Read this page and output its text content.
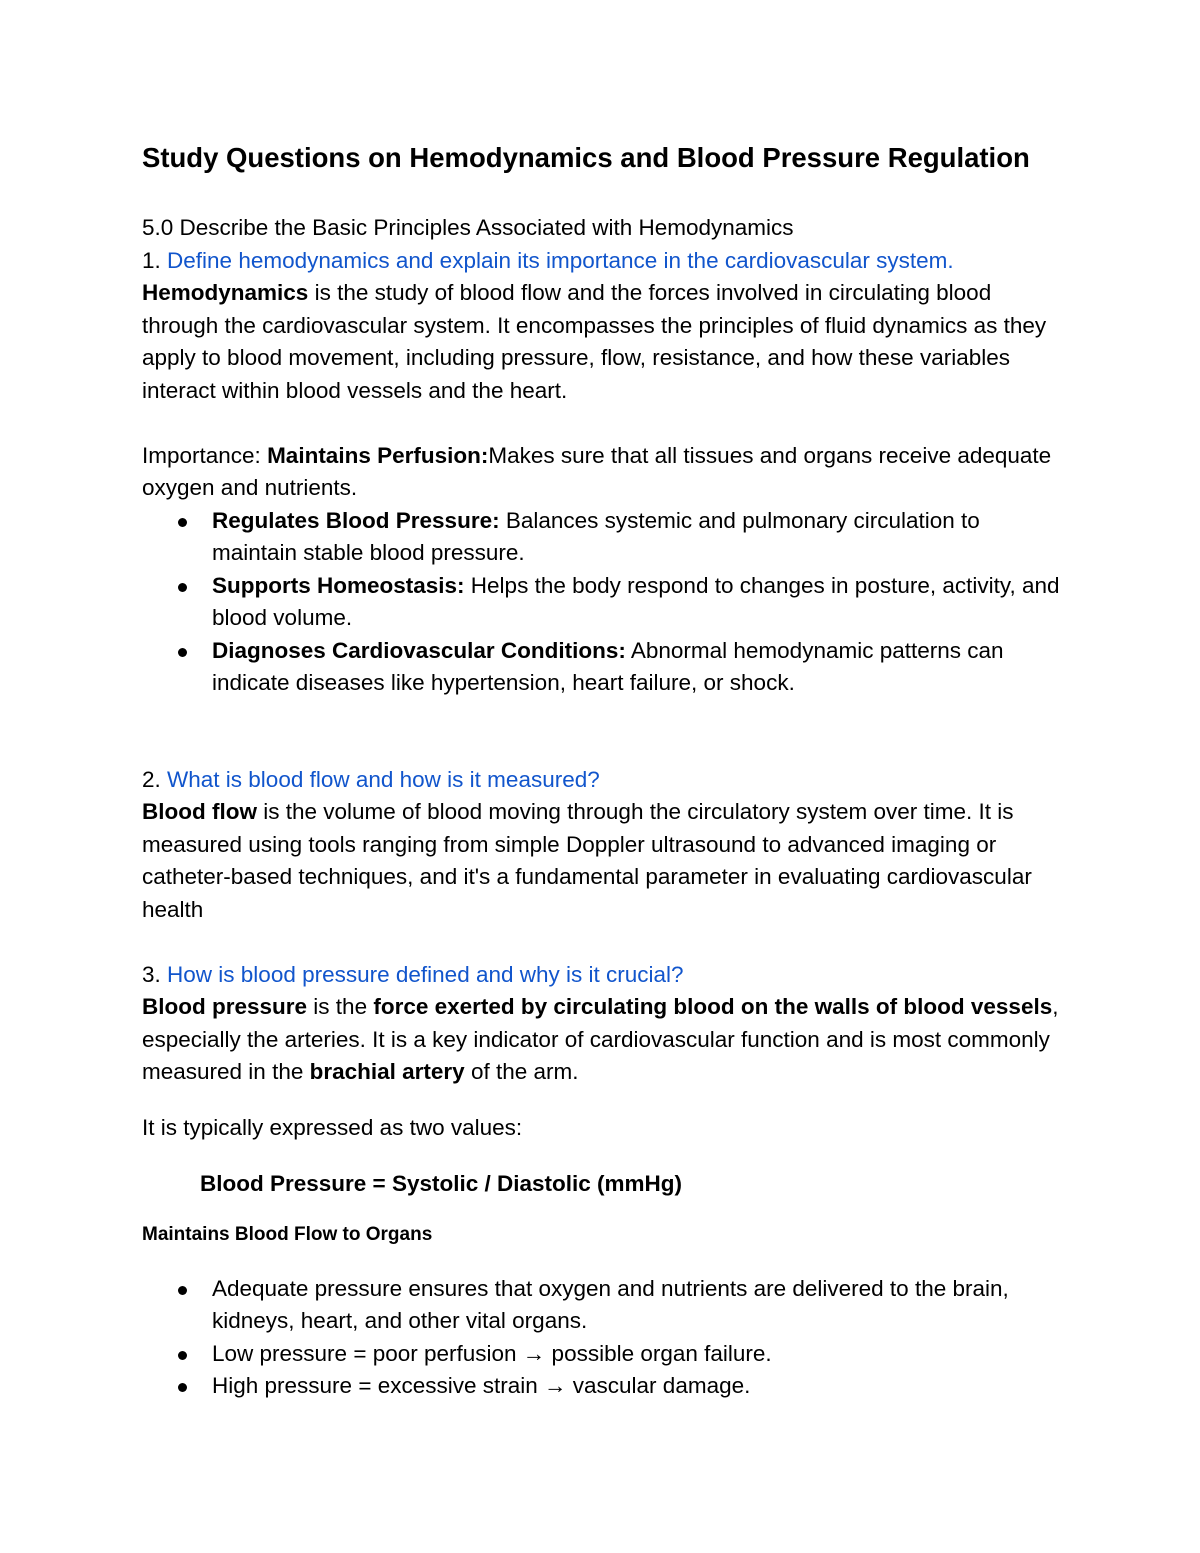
Study Questions on Hemodynamics and Blood Pressure Regulation

5.0 Describe the Basic Principles Associated with Hemodynamics

1. Define hemodynamics and explain its importance in the cardiovascular system.

Hemodynamics is the study of blood flow and the forces involved in circulating blood through the cardiovascular system. It encompasses the principles of fluid dynamics as they apply to blood movement, including pressure, flow, resistance, and how these variables interact within blood vessels and the heart.

Importance: Maintains Perfusion:Makes sure that all tissues and organs receive adequate oxygen and nutrients.

Regulates Blood Pressure: Balances systemic and pulmonary circulation to maintain stable blood pressure.
Supports Homeostasis: Helps the body respond to changes in posture, activity, and blood volume.
Diagnoses Cardiovascular Conditions: Abnormal hemodynamic patterns can indicate diseases like hypertension, heart failure, or shock.

2. What is blood flow and how is it measured?

Blood flow is the volume of blood moving through the circulatory system over time. It is measured using tools ranging from simple Doppler ultrasound to advanced imaging or catheter-based techniques, and it's a fundamental parameter in evaluating cardiovascular health

3. How is blood pressure defined and why is it crucial?

Blood pressure is the force exerted by circulating blood on the walls of blood vessels, especially the arteries. It is a key indicator of cardiovascular function and is most commonly measured in the brachial artery of the arm.

It is typically expressed as two values:

Blood Pressure = Systolic / Diastolic (mmHg)

Maintains Blood Flow to Organs

Adequate pressure ensures that oxygen and nutrients are delivered to the brain, kidneys, heart, and other vital organs.
Low pressure = poor perfusion → possible organ failure.
High pressure = excessive strain → vascular damage.
